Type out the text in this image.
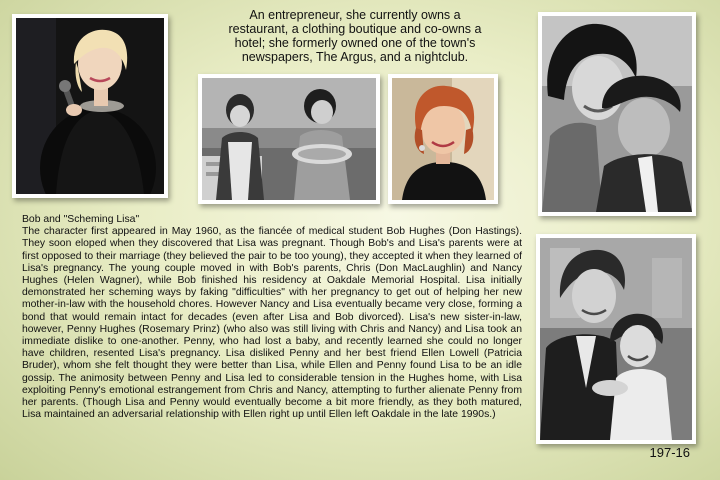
An entrepreneur, she currently owns a restaurant, a clothing boutique and co-owns a hotel; she formerly owned one of the town's newspapers, The Argus, and a nightclub.
Bob and "Scheming Lisa"
The character first appeared in May 1960, as the fiancée of medical student Bob Hughes (Don Hastings). They soon eloped when they discovered that Lisa was pregnant. Though Bob's and Lisa's parents were at first opposed to their marriage (they believed the pair to be too young), they accepted it when they learned of Lisa's pregnancy. The young couple moved in with Bob's parents, Chris (Don MacLaughlin) and Nancy Hughes (Helen Wagner), while Bob finished his residency at Oakdale Memorial Hospital. Lisa initially demonstrated her scheming ways by faking "difficulties" with her pregnancy to get out of helping her new mother-in-law with the household chores. However Nancy and Lisa eventually became very close, forming a bond that would remain intact for decades (even after Lisa and Bob divorced). Lisa's new sister-in-law, however, Penny Hughes (Rosemary Prinz) (who also was still living with Chris and Nancy) and Lisa took an immediate dislike to one-another. Penny, who had lost a baby, and recently learned she could no longer have children, resented Lisa's pregnancy. Lisa disliked Penny and her best friend Ellen Lowell (Patricia Bruder), whom she felt thought they were better than Lisa, while Ellen and Penny found Lisa to be an idle gossip. The animosity between Penny and Lisa led to considerable tension in the Hughes home, with Lisa exploiting Penny's emotional estrangement from Chris and Nancy, attempting to further alienate Penny from her parents. (Though Lisa and Penny would eventually become a bit more friendly, as they both matured, Lisa maintained an adversarial relationship with Ellen right up until Ellen left Oakdale in the late 1990s.)
197-16
